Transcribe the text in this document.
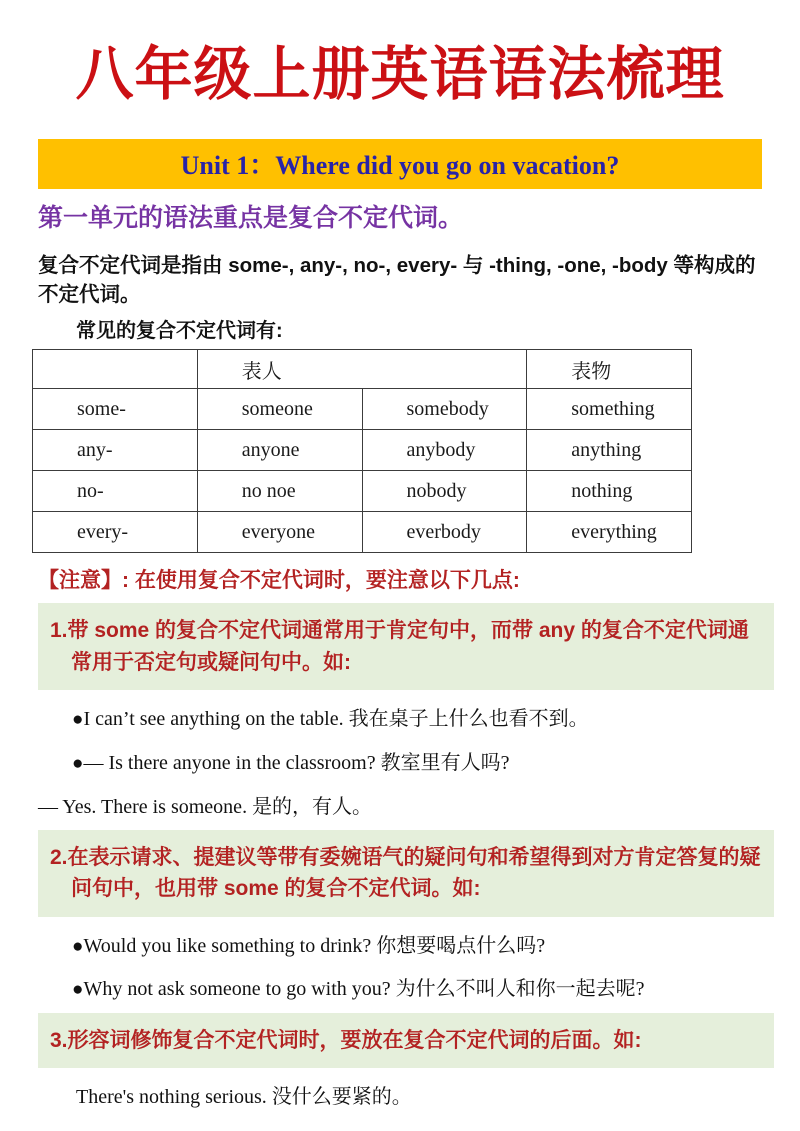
八年级上册英语语法梳理
Unit 1：Where did you go on vacation?
第一单元的语法重点是复合不定代词。

复合不定代词是指由 some-, any-, no-, every- 与 -thing, -one, -body 等构成的不定代词。

常见的复合不定代词有:

	表人		表物
some-	someone	somebody	something
any-	anyone	anybody	anything
no-	no noe	nobody	nothing
every-	everyone	everbody	everything

【注意】: 在使用复合不定代词时，要注意以下几点:

1.带 some 的复合不定代词通常用于肯定句中，而带 any 的复合不定代词通常用于否定句或疑问句中。如:

●I can’t see anything on the table. 我在桌子上什么也看不到。

●— Is there anyone in the classroom? 教室里有人吗?

— Yes. There is someone. 是的，有人。

2.在表示请求、提建议等带有委婉语气的疑问句和希望得到对方肯定答复的疑问句中，也用带 some 的复合不定代词。如:

●Would you like something to drink? 你想要喝点什么吗?

●Why not ask someone to go with you? 为什么不叫人和你一起去呢?

3.形容词修饰复合不定代词时，要放在复合不定代词的后面。如:

There's nothing serious. 没什么要紧的。
